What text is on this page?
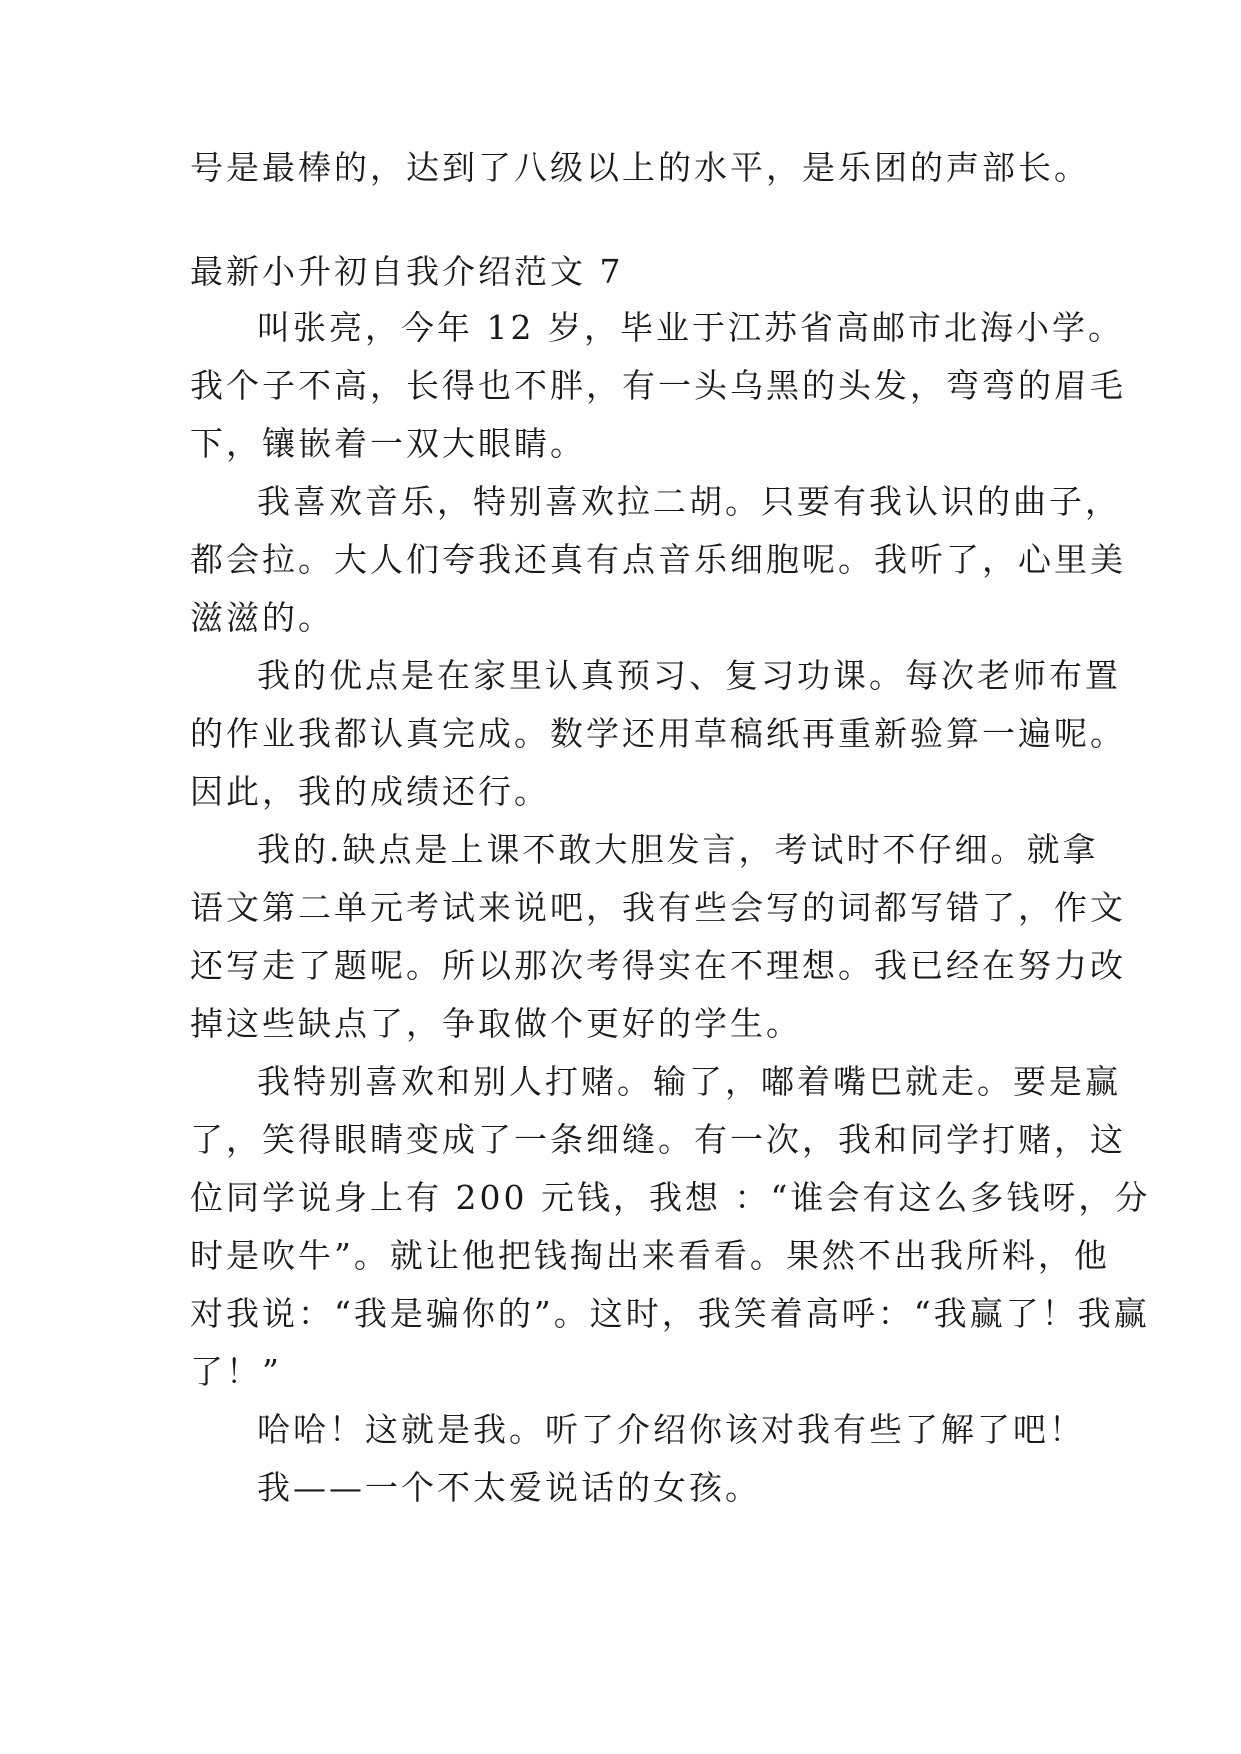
号是最棒的，达到了八级以上的水平，是乐团的声部长。
最新小升初自我介绍范文 7
叫张亮，今年 12 岁，毕业于江苏省高邮市北海小学。
我个子不高，长得也不胖，有一头乌黑的头发，弯弯的眉毛
下，镶嵌着一双大眼睛。
我喜欢音乐，特别喜欢拉二胡。只要有我认识的曲子，
都会拉。大人们夸我还真有点音乐细胞呢。我听了，心里美
滋滋的。
我的优点是在家里认真预习、复习功课。每次老师布置
的作业我都认真完成。数学还用草稿纸再重新验算一遍呢。
因此，我的成绩还行。
我的.缺点是上课不敢大胆发言，考试时不仔细。就拿
语文第二单元考试来说吧，我有些会写的词都写错了，作文
还写走了题呢。所以那次考得实在不理想。我已经在努力改
掉这些缺点了，争取做个更好的学生。
我特别喜欢和别人打赌。输了，嘟着嘴巴就走。要是赢
了，笑得眼睛变成了一条细缝。有一次，我和同学打赌，这
位同学说身上有 200 元钱，我想 ：“谁会有这么多钱呀，分
时是吹牛”。就让他把钱掏出来看看。果然不出我所料，他
对我说：“我是骗你的”。这时，我笑着高呼：“我赢了！我赢
了！”
哈哈！这就是我。听了介绍你该对我有些了解了吧！
我——一个不太爱说话的女孩。
